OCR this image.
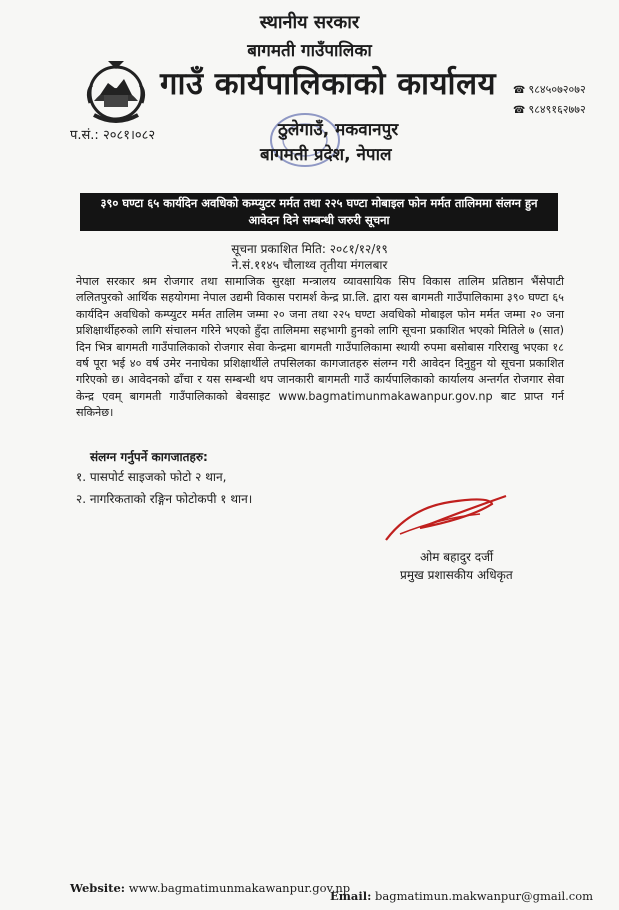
स्थानीय सरकार
बागमती गाउँपालिका
गाउँ कार्यपालिकाको कार्यालय ☎ ९८४५०७२०७२
☎ ९८४९१६२७७२
प.सं.: २०८१।०८२	ठुलेगाउँ, मकवानपुर
बागमती प्रदेश, नेपाल
३९० घण्टा ६५ कार्यदिन अवधिको कम्प्युटर मर्मत तथा २२५ घण्टा मोबाइल फोन मर्मत तालिममा संलग्न हुन आवेदन दिने सम्बन्धी जरुरी सूचना
सूचना प्रकाशित मिति: २०८१/१२/१९
ने.सं.११४५ चौलाथ्व तृतीया मंगलबार
नेपाल सरकार श्रम रोजगार तथा सामाजिक सुरक्षा मन्त्रालय व्यावसायिक सिप विकास तालिम प्रतिष्ठान भैंसेपाटी ललितपुरको आर्थिक सहयोगमा नेपाल उद्यमी विकास परामर्श केन्द्र प्रा.लि. द्वारा यस बागमती गाउँपालिकामा ३९० घण्टा ६५ कार्यदिन अवधिको कम्प्युटर मर्मत तालिम जम्मा २० जना तथा २२५ घण्टा अवधिको मोबाइल फोन मर्मत जम्मा २० जना प्रशिक्षार्थीहरुको लागि संचालन गरिने भएको हुँदा तालिममा सहभागी हुनको लागि सूचना प्रकाशित भएको मितिले ७ (सात) दिन भित्र बागमती गाउँपालिकाको रोजगार सेवा केन्द्रमा बागमती गाउँपालिकामा स्थायी रुपमा बसोबास गरिराखु भएका १८ वर्ष पूरा भई ४० वर्ष उमेर ननाघेका प्रशिक्षार्थीले तपसिलका कागजातहरु संलग्न गरी आवेदन दिनुहुन यो सूचना प्रकाशित गरिएको छ। आवेदनको ढाँचा र यस सम्बन्धी थप जानकारी बागमती गाउँ कार्यपालिकाको कार्यालय अन्तर्गत रोजगार सेवा केन्द्र एवम् बागमती गाउँपालिकाको बेवसाइट www.bagmatimunmakawanpur.gov.np बाट प्राप्त गर्न सकिनेछ।
संलग्न गर्नुपर्ने कागजातहरु:
१. पासपोर्ट साइजको फोटो २ थान,
२. नागरिकताको रङ्गिन फोटोकपी १ थान।
ओम बहादुर दर्जी
प्रमुख प्रशासकीय अधिकृत
Website: www.bagmatimunmakawanpur.gov.np
Email: bagmatimun.makwanpur@gmail.com
